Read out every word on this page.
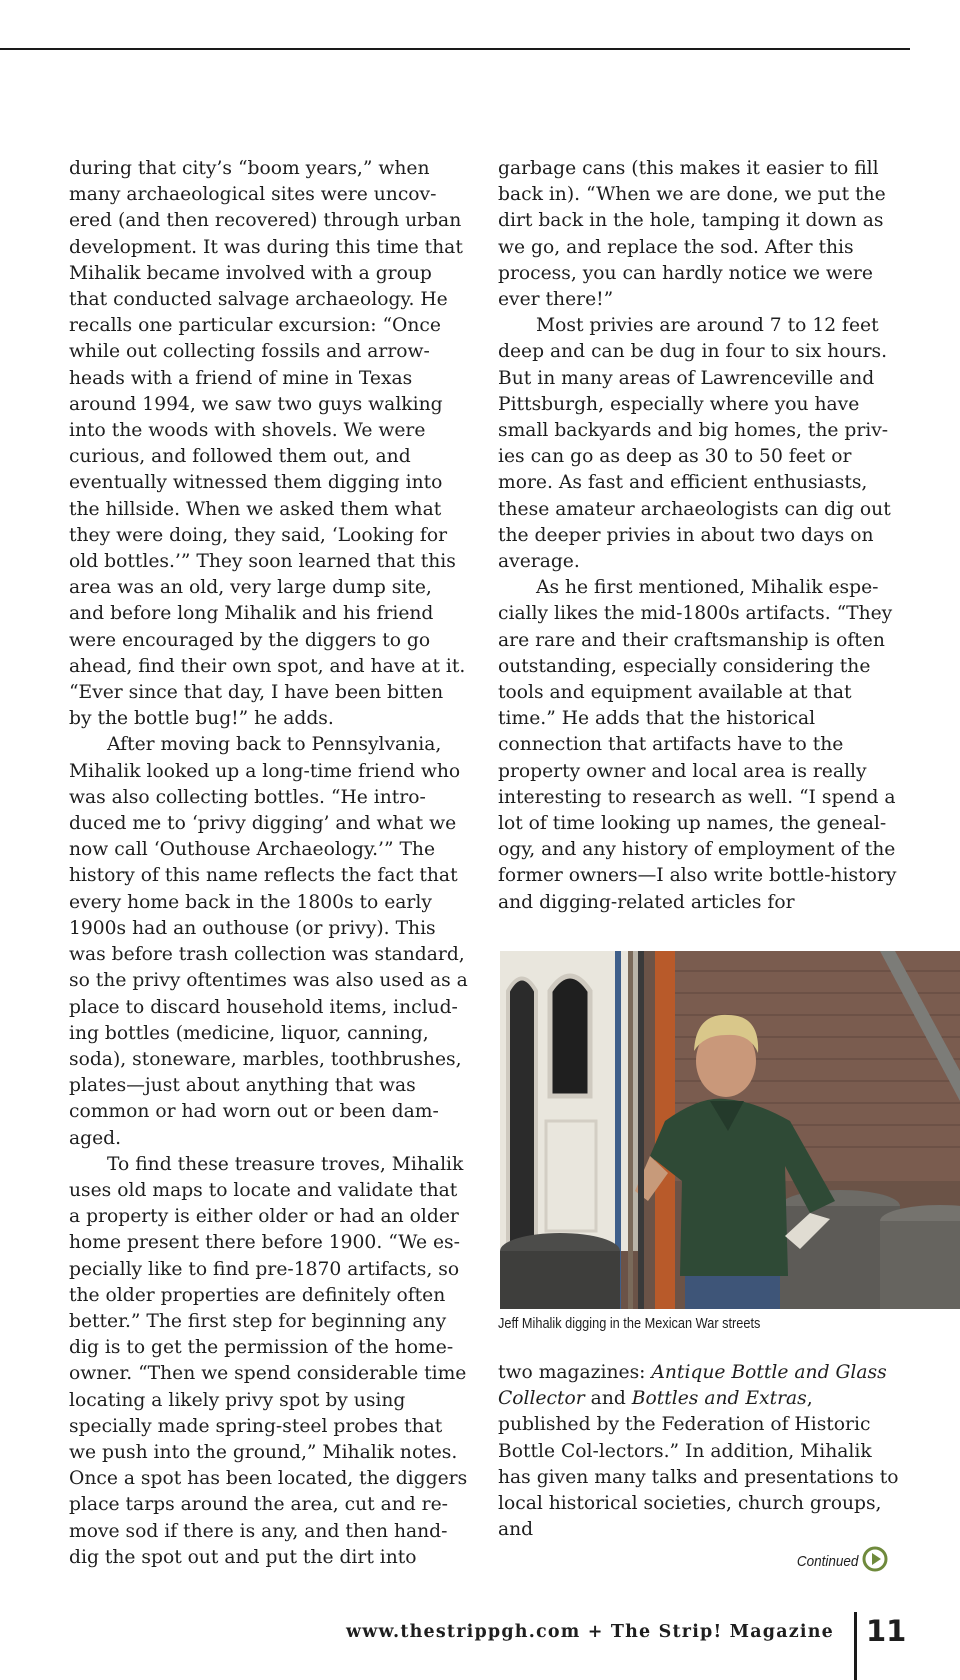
during that city’s “boom years,” when many archaeological sites were uncov-ered (and then recovered) through urban development. It was during this time that Mihalik became involved with a group that conducted salvage archaeology. He recalls one particular excursion: “Once while out collecting fossils and arrow-heads with a friend of mine in Texas around 1994, we saw two guys walking into the woods with shovels. We were curious, and followed them out, and eventually witnessed them digging into the hillside. When we asked them what they were doing, they said, ‘Looking for old bottles.’” They soon learned that this area was an old, very large dump site, and before long Mihalik and his friend were encouraged by the diggers to go ahead, find their own spot, and have at it. “Ever since that day, I have been bitten by the bottle bug!” he adds.

After moving back to Pennsylvania, Mihalik looked up a long-time friend who was also collecting bottles. “He intro-duced me to ‘privy digging’ and what we now call ‘Outhouse Archaeology.’” The history of this name reflects the fact that every home back in the 1800s to early 1900s had an outhouse (or privy). This was before trash collection was standard, so the privy oftentimes was also used as a place to discard household items, includ-ing bottles (medicine, liquor, canning, soda), stoneware, marbles, toothbrushes, plates—just about anything that was common or had worn out or been dam-aged.

To find these treasure troves, Mihalik uses old maps to locate and validate that a property is either older or had an older home present there before 1900. “We es-pecially like to find pre-1870 artifacts, so the older properties are definitely often better.” The first step for beginning any dig is to get the permission of the home-owner. “Then we spend considerable time locating a likely privy spot by using specially made spring-steel probes that we push into the ground,” Mihalik notes. Once a spot has been located, the diggers place tarps around the area, cut and re-move sod if there is any, and then hand-dig the spot out and put the dirt into

garbage cans (this makes it easier to fill back in). “When we are done, we put the dirt back in the hole, tamping it down as we go, and replace the sod. After this process, you can hardly notice we were ever there!”

Most privies are around 7 to 12 feet deep and can be dug in four to six hours. But in many areas of Lawrenceville and Pittsburgh, especially where you have small backyards and big homes, the priv-ies can go as deep as 30 to 50 feet or more. As fast and efficient enthusiasts, these amateur archaeologists can dig out the deeper privies in about two days on average.

As he first mentioned, Mihalik espe-cially likes the mid-1800s artifacts. “They are rare and their craftsmanship is often outstanding, especially considering the tools and equipment available at that time.” He adds that the historical connection that artifacts have to the property owner and local area is really interesting to research as well. “I spend a lot of time looking up names, the geneal-ogy, and any history of employment of the former owners—I also write bottle-history and digging-related articles for

Jeff Mihalik digging in the Mexican War streets

two magazines: Antique Bottle and Glass Collector and Bottles and Extras, published by the Federation of Historic Bottle Col-lectors.” In addition, Mihalik has given many talks and presentations to local historical societies, church groups, and

Continued
www.thestrippgh.com + The Strip! Magazine 11
